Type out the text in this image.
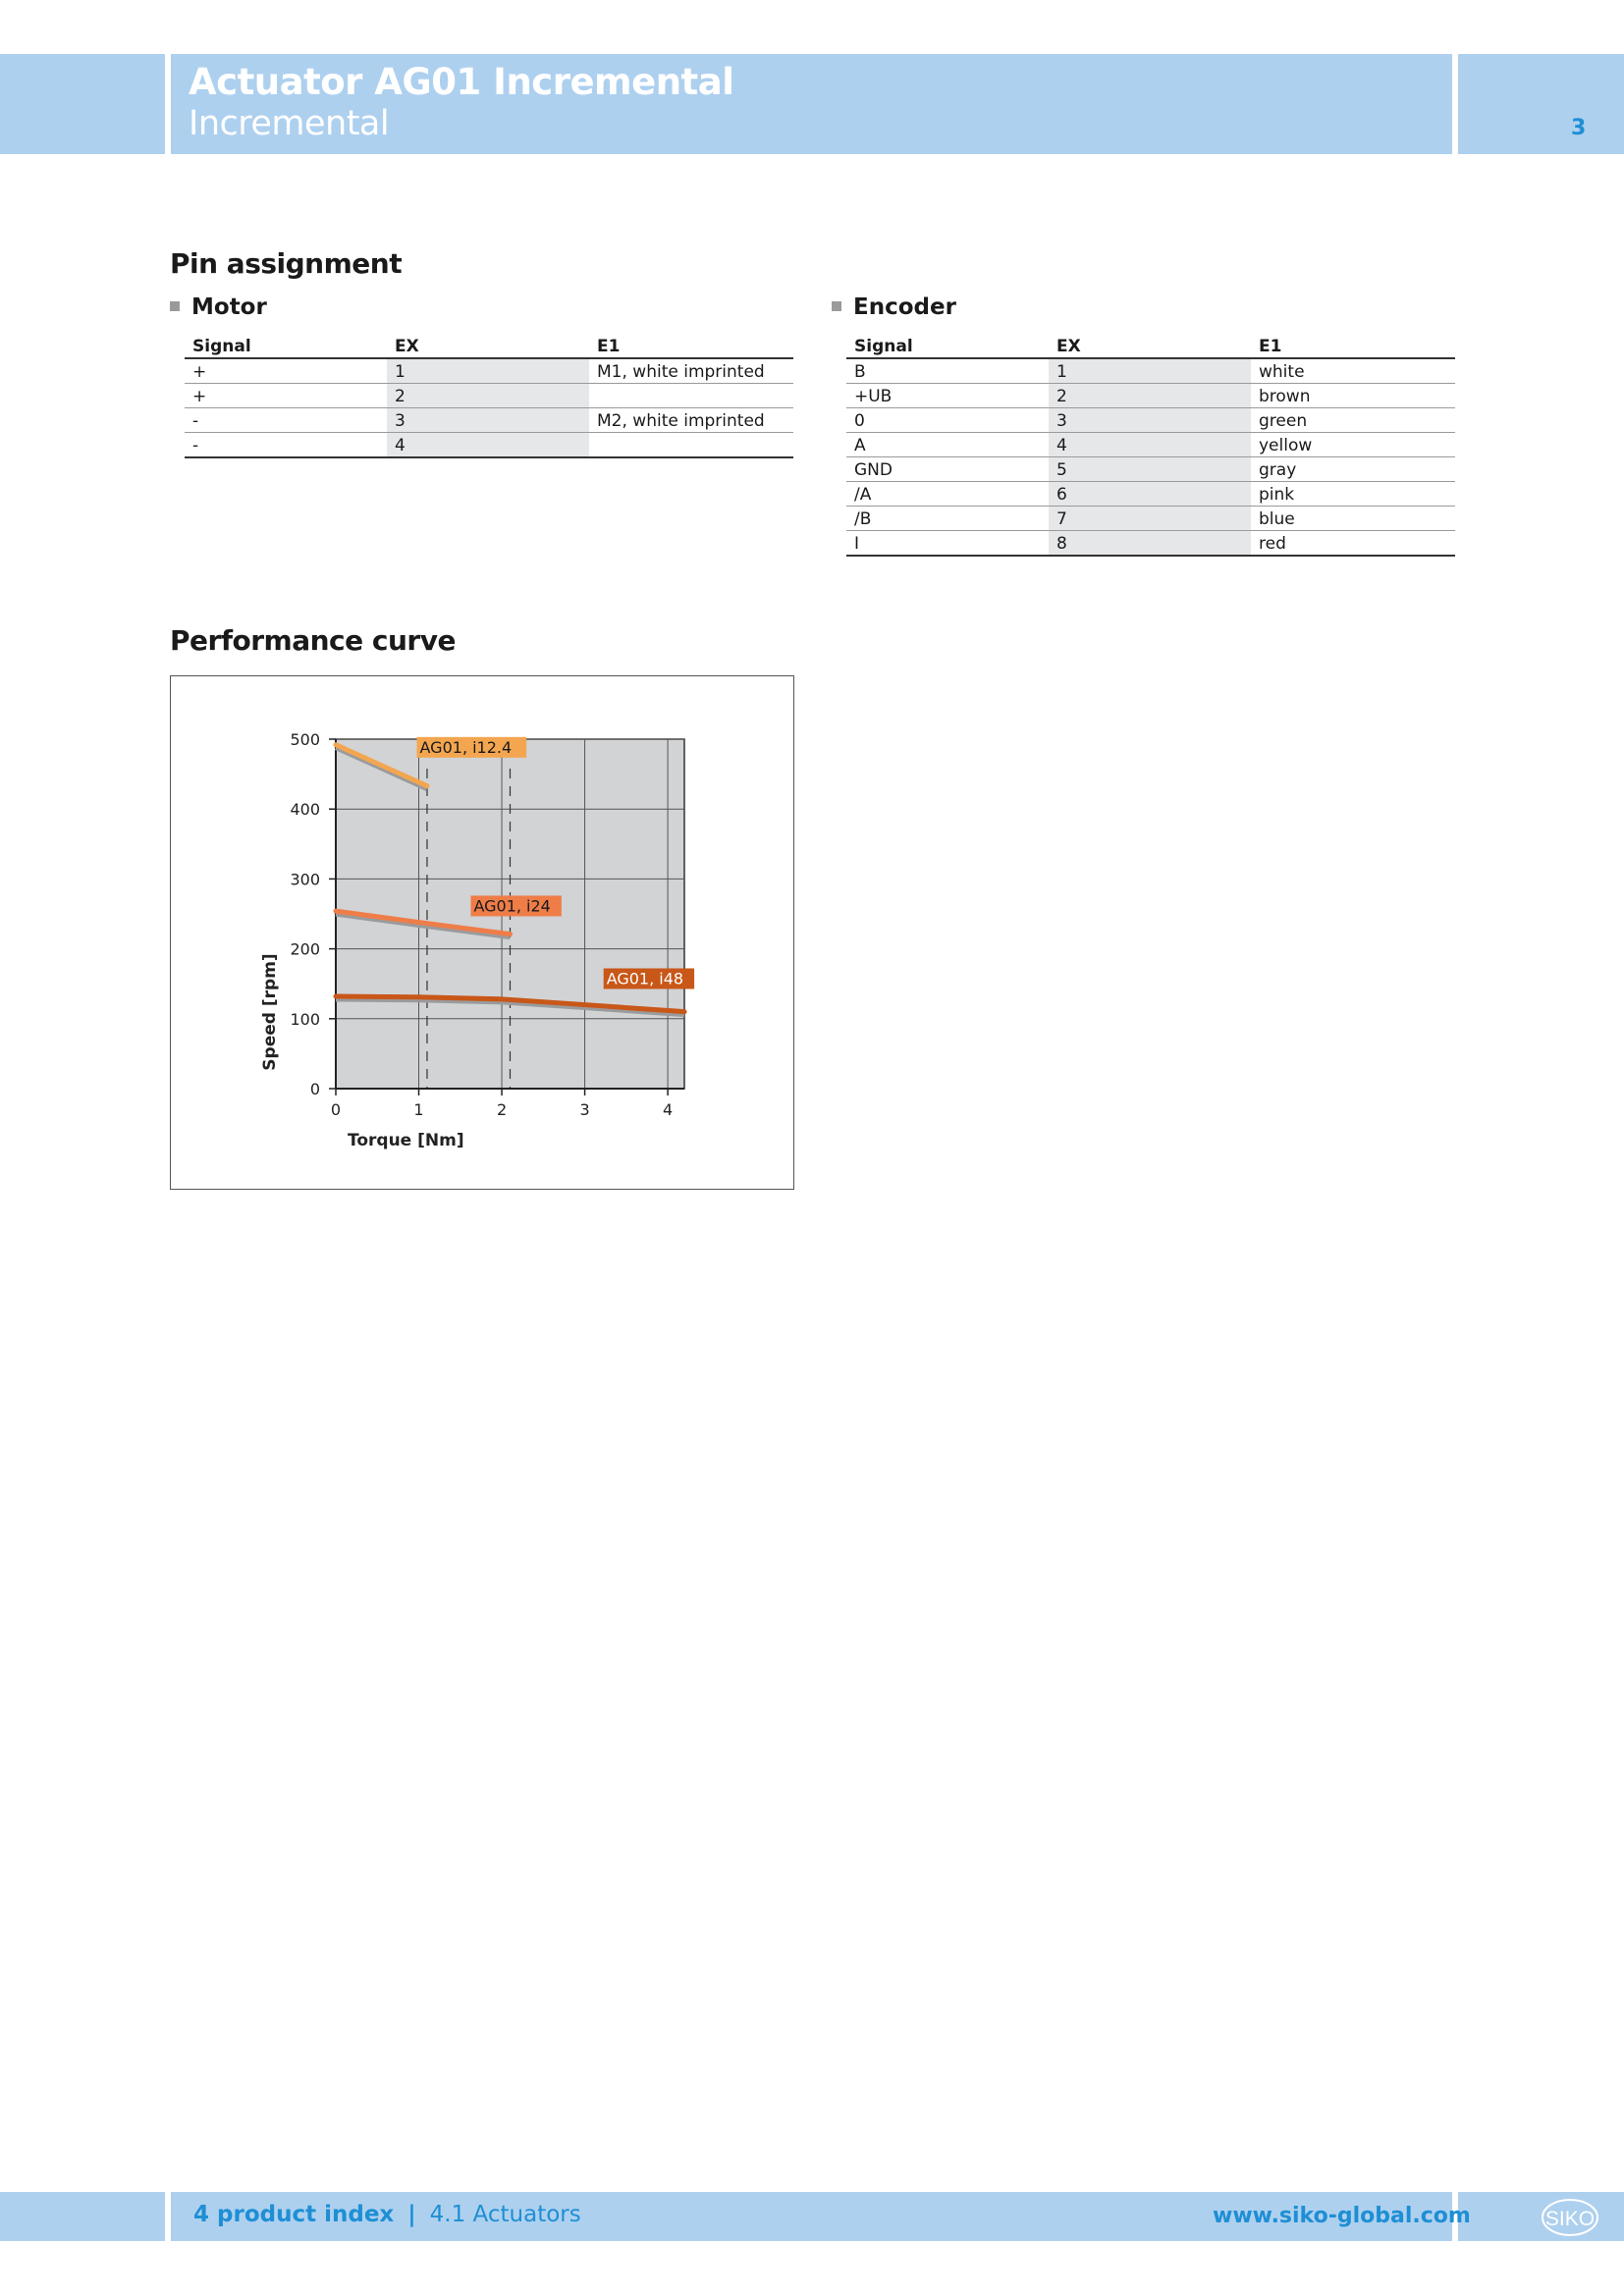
Actuator AG01 Incremental
Incremental	3
Pin assignment
Motor	Encoder
Signal	EX	E1
+	1	M1, white imprinted
+	2	
-	3	M2, white imprinted
-	4	
Signal	EX	E1
B	1	white
+UB	2	brown
0	3	green
A	4	yellow
GND	5	gray
/A	6	pink
/B	7	blue
I	8	red
Performance curve
0	1	2	3	4
0
100
200
300
400
500
Torque [Nm]
Speed [rpm]
AG01, i12.4
AG01, i24
AG01, i48
4 product index | 4.1 Actuators	www.siko-global.com	SIKO
